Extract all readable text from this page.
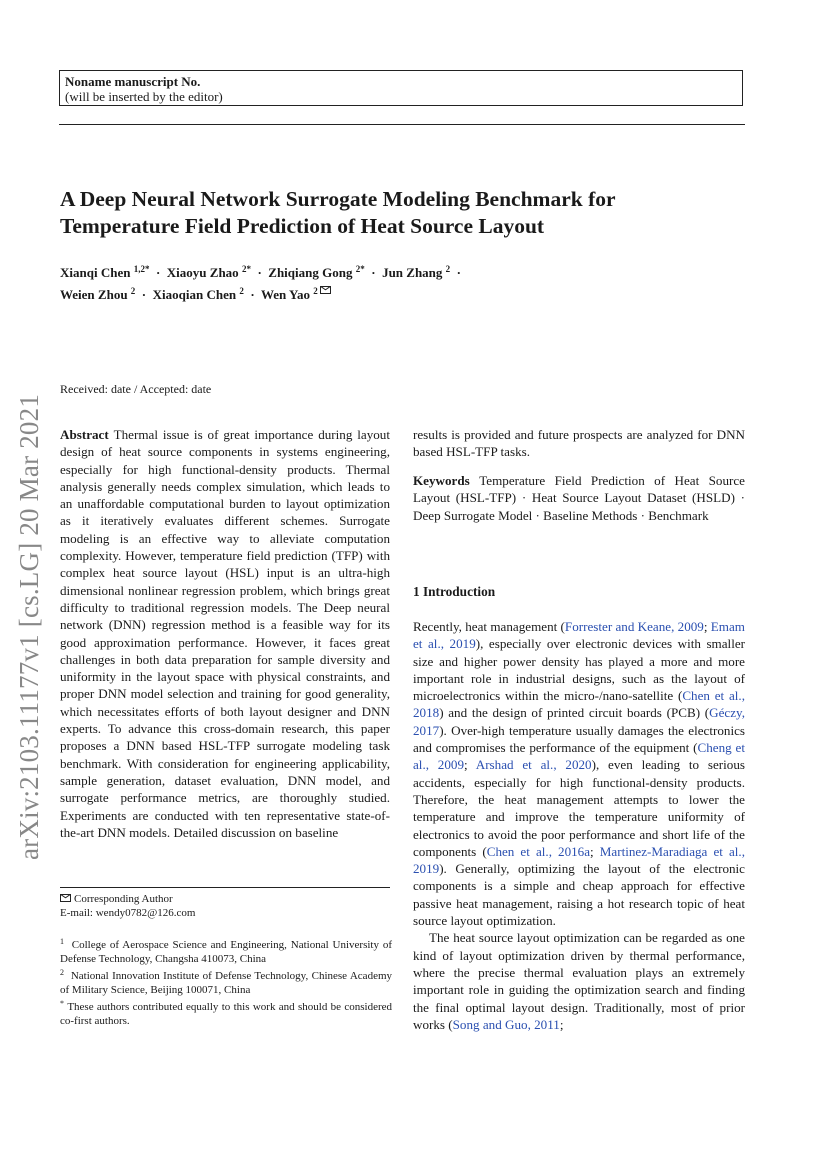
Noname manuscript No.
(will be inserted by the editor)
A Deep Neural Network Surrogate Modeling Benchmark for
Temperature Field Prediction of Heat Source Layout
Xianqi Chen $^{1,2*}$  ·  Xiaoyu Zhao $^{2*}$  ·  Zhiqiang Gong $^{2*}$  ·  Jun Zhang $^2$  ·
Weien Zhou $^2$  ·  Xiaoqian Chen $^2$  ·  Wen Yao $^2$
arXiv:2103.11177v1 [cs.LG] 20 Mar 2021
Received: date / Accepted: date

Abstract Thermal issue is of great importance during layout design of heat source components in systems engineering, especially for high functional-density products. Thermal analysis generally needs complex simulation, which leads to an unaffordable computational burden to layout optimization as it iteratively evaluates different schemes. Surrogate modeling is an effective way to alleviate computation complexity. However, temperature field prediction (TFP) with complex heat source layout (HSL) input is an ultra-high dimensional nonlinear regression problem, which brings great difficulty to traditional regression models. The Deep neural network (DNN) regression method is a feasible way for its good approximation performance. However, it faces great challenges in both data preparation for sample diversity and uniformity in the layout space with physical constraints, and proper DNN model selection and training for good generality, which necessitates efforts of both layout designer and DNN experts. To advance this cross-domain research, this paper proposes a DNN based HSL-TFP surrogate modeling task benchmark. With consideration for engineering applicability, sample generation, dataset evaluation, DNN model, and surrogate performance metrics, are thoroughly studied. Experiments are conducted with ten representative state-of-the-art DNN models. Detailed discussion on baseline

Corresponding Author
E-mail: wendy0782@126.com
$^1$ College of Aerospace Science and Engineering, National University of Defense Technology, Changsha 410073, China
$^2$ National Innovation Institute of Defense Technology, Chinese Academy of Military Science, Beijing 100071, China
* These authors contributed equally to this work and should be considered co-first authors.

results is provided and future prospects are analyzed for DNN based HSL-TFP tasks.

Keywords Temperature Field Prediction of Heat Source Layout (HSL-TFP) · Heat Source Layout Dataset (HSLD) · Deep Surrogate Model · Baseline Methods · Benchmark

1 Introduction

Recently, heat management (Forrester and Keane, 2009; Emam et al., 2019), especially over electronic devices with smaller size and higher power density has played a more and more important role in industrial designs, such as the layout of microelectronics within the micro-/nano-satellite (Chen et al., 2018) and the design of printed circuit boards (PCB) (Géczy, 2017). Over-high temperature usually damages the electronics and compromises the performance of the equipment (Cheng et al., 2009; Arshad et al., 2020), even leading to serious accidents, especially for high functional-density products. Therefore, the heat management attempts to lower the temperature and improve the temperature uniformity of electronics to avoid the poor performance and short life of the components (Chen et al., 2016a; Martinez-Maradiaga et al., 2019). Generally, optimizing the layout of the electronic components is a simple and cheap approach for effective passive heat management, raising a hot research topic of heat source layout optimization.

The heat source layout optimization can be regarded as one kind of layout optimization driven by thermal performance, where the precise thermal evaluation plays an extremely important role in guiding the optimization search and finding the final optimal layout design. Traditionally, most of prior works (Song and Guo, 2011;
